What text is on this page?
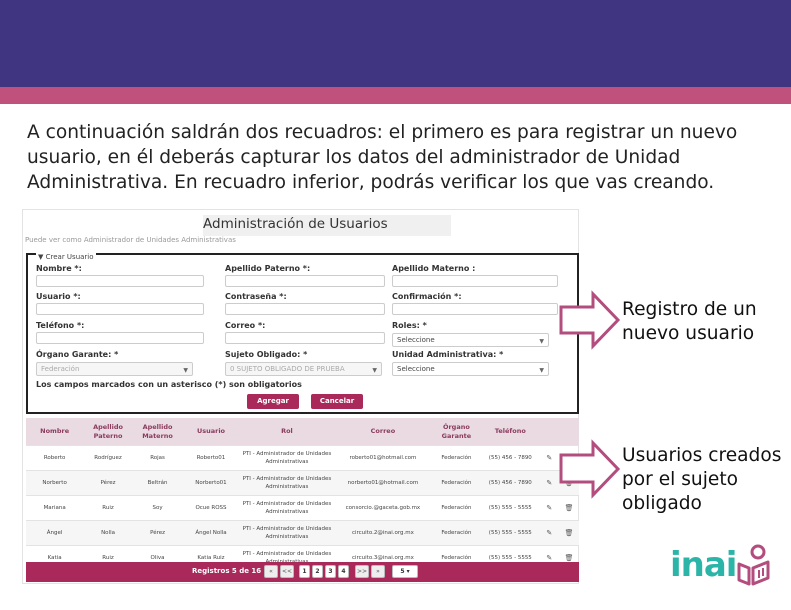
A continuación saldrán dos recuadros: el primero es para registrar un nuevo usuario, en él deberás capturar los datos del administrador de Unidad Administrativa. En recuadro inferior, podrás verificar los que vas creando.
Administración de Usuarios
Puede ver como Administrador de Unidades Administrativas
▼ Crear Usuario
Nombre *:	Apellido Paterno *:	Apellido Materno :
Usuario *:	Contraseña *:	Confirmación *:
Teléfono *:	Correo *:	Roles: *
Seleccione	▼
Órgano Garante: *
Federación	▼
Sujeto Obligado: *
0 SUJETO OBLIGADO DE PRUEBA	▼
Unidad Administrativa: *
Seleccione	▼
Los campos marcados con un asterisco (*) son obligatorios
Agregar	Cancelar
Nombre	Apellido Paterno	Apellido Materno	Usuario	Rol	Correo	Órgano Garante	Teléfono		
Roberto	Rodríguez	Rojas	Roberto01	PTI - Administrador de Unidades Administrativas	roberto01@hotmail.com	Federación	(55) 456 - 7890	✎	
Norberto	Pérez	Beltrán	Norberto01	PTI - Administrador de Unidades Administrativas	norberto01@hotmail.com	Federación	(55) 456 - 7890	✎	
Mariana	Ruiz	Soy	Ocue ROSS	PTI - Administrador de Unidades Administrativas	consorcio.@gaceta.gob.mx	Federación	(55) 555 - 5555	✎	🗑
Ángel	Nolla	Pérez	Ángel Nolla	PTI - Administrador de Unidades Administrativas	circuito.2@inai.org.mx	Federación	(55) 555 - 5555	✎	🗑
Katia	Ruiz	Oliva	Katia Ruiz	PTI - Administrador de Unidades	circuito.3@inai.org.mx	Federación	(55) 555 - 5555	✎	🗑
Registros 5 de 16	«	<<	1	2	3	4	>>	»	5 ▾
Registro de un nuevo usuario
Usuarios creados por el sujeto obligado
inai
